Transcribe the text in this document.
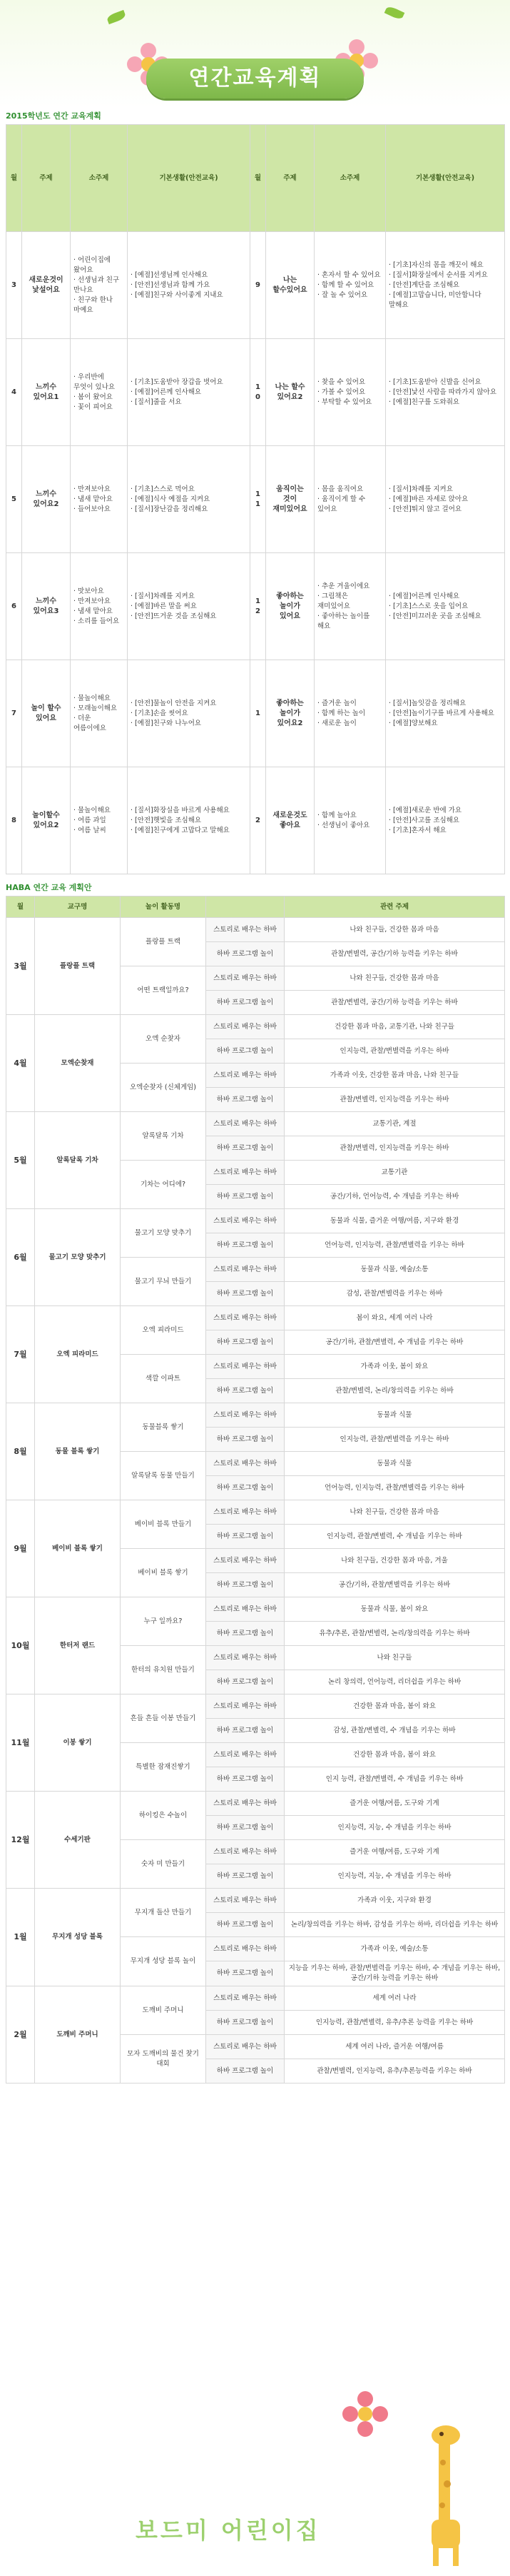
연간교육계획
2015학년도 연간 교육계획
월	주제	소주제	기본생활(안전교육)	월	주제	소주제	기본생활(안전교육)
3	새로운것이 낯설어요	· 어린이집에 왔어요
· 선생님과 친구 만나요
· 친구와 한나 마예요	· [예절]선생님께 인사해요
· [안전]선생님과 함께 가요
· [예절]친구와 사이좋게 지내요	9	나는 할수있어요	· 혼자서 할 수 있어요
· 함께 할 수 있어요
· 잘 놀 수 있어요	· [기초]자신의 몸을 깨끗이 해요
· [질서]화장실에서 순서를 지켜요
· [안전]계단을 조심해요
· [예절]고맙습니다, 미안합니다 말해요
4	느끼수 있어요1	· 우리반에 무엇이 있나요
· 봄이 왔어요
· 꽃이 피어요	· [기초]도움받아 장갑을 벗어요
· [예절]어른께 인사해요
· [질서]줄을 서요	10	나는 할수 있어요2	· 찾을 수 있어요
· 가볼 수 있어요
· 부탁할 수 있어요	· [기초]도움받아 신발을 신어요
· [안전]낯선 사람을 따라가지 않아요
· [예절]친구를 도와줘요
5	느끼수 있어요2	· 만져보아요
· 냄새 맡아요
· 들어보아요	· [기초]스스로 먹어요
· [예절]식사 예절을 지켜요
· [질서]장난감을 정리해요	11	움직이는 것이 재미있어요	· 몸을 움직여요
· 움직이게 할 수 있어요	· [질서]차례를 지켜요
· [예절]바른 자세로 앉아요
· [안전]뛰지 않고 걸어요
6	느끼수 있어요3	· 맛보아요
· 만져보아요
· 냄새 맡아요
· 소리를 들어요	· [질서]차례를 지켜요
· [예절]바른 말을 써요
· [안전]뜨거운 것을 조심해요	12	좋아하는 놀이가 있어요	· 추운 겨울이에요
· 그림책은 재미있어요
· 좋아하는 놀이를 해요	· [예절]어른께 인사해요
· [기초]스스로 옷을 입어요
· [안전]미끄러운 곳을 조심해요
7	놀이 할수 있어요	· 물놀이해요
· 모래놀이해요
· 더운 여름이에요	· [안전]물놀이 안전을 지켜요
· [기초]손을 씻어요
· [예절]친구와 나누어요	1	좋아하는 놀이가 있어요2	· 즐거운 놀이
· 함께 하는 놀이
· 새로운 놀이	· [질서]놀잇감을 정리해요
· [안전]놀이기구를 바르게 사용해요
· [예절]양보해요
8	놀이할수 있어요2	· 물놀이해요
· 여름 과일
· 여름 날씨	· [질서]화장실을 바르게 사용해요
· [안전]햇빛을 조심해요
· [예절]친구에게 고맙다고 말해요	2	새로운것도 좋아요	· 함께 놀아요
· 선생님이 좋아요	· [예절]새로운 반에 가요
· [안전]사고를 조심해요
· [기초]혼자서 해요
HABA 연간 교육 계획안
월	교구명	놀이 활동명		관련 주제
3월	플랑플 트랙	플랑플 트랙	스토리로 배우는 하바	나와 친구들, 건강한 몸과 마음
			하바 프로그램 놀이	관찰/변별력, 공간/기하 능력을 키우는 하바
		어떤 트랙일까요?	스토리로 배우는 하바	나와 친구들, 건강한 몸과 마음
			하바 프로그램 놀이	관찰/변별력, 공간/기하 능력을 키우는 하바
4월	모엑순찾재	오엑 순찾자	스토리로 배우는 하바	건강한 몸과 마음, 교통기관, 나와 친구들
			하바 프로그램 놀이	인지능력, 관찰/변별력을 키우는 하바
		오엑순찾자 (신체게임)	스토리로 배우는 하바	가족과 이웃, 건강한 몸과 마음, 나와 친구들
			하바 프로그램 놀이	관찰/변별력, 인지능력을 키우는 하바
5월	알록달록 기차	알록달록 기차	스토리로 배우는 하바	교통기관, 계절
			하바 프로그램 놀이	관찰/변별력, 인지능력을 키우는 하바
		기차는 어디에?	스토리로 배우는 하바	교통기관
			하바 프로그램 놀이	공간/기하, 언어능력, 수 개념을 키우는 하바
6월	물고기 모양 맞추기	물고기 모양 맞추기	스토리로 배우는 하바	동물과 식물, 즐거운 여행/여름, 지구와 환경
			하바 프로그램 놀이	언어능력, 인지능력, 관찰/변별력을 키우는 하바
		물고기 무늬 만들기	스토리로 배우는 하바	동물과 식물, 예술/소통
			하바 프로그램 놀이	감성, 관찰/변별력을 키우는 하바
7월	오엑 피라미드	오엑 피라미드	스토리로 배우는 하바	봄이 와요, 세계 여러 나라
			하바 프로그램 놀이	공간/기하, 관찰/변별력, 수 개념을 키우는 하바
		색깔 이파트	스토리로 배우는 하바	가족과 이웃, 봄이 와요
			하바 프로그램 놀이	관찰/변별력, 논리/창의력을 키우는 하바
8월	동물 블록 쌓기	동물블록 쌓기	스토리로 배우는 하바	동물과 식물
			하바 프로그램 놀이	인지능력, 관찰/변별력을 키우는 하바
		알록달록 동물 만들기	스토리로 배우는 하바	동물과 식물
			하바 프로그램 놀이	언어능력, 인지능력, 관찰/변별력을 키우는 하바
9월	베이비 블록 쌓기	베이비 블록 만들기	스토리로 배우는 하바	나와 친구들, 건강한 몸과 마음
			하바 프로그램 놀이	인지능력, 관찰/변별력, 수 개념을 키우는 하바
		베이비 블록 쌓기	스토리로 배우는 하바	나와 친구들, 건강한 몸과 마음, 겨울
			하바 프로그램 놀이	공간/기하, 관찰/변별력을 키우는 하바
10월	한터저 랜드	누구 일까요?	스토리로 배우는 하바	동물과 식물, 봄이 와요
			하바 프로그램 놀이	유추/추론, 관찰/변별력, 논리/창의력을 키우는 하바
		한터의 유치원 만들기	스토리로 배우는 하바	나와 친구들
			하바 프로그램 놀이	논리 창의력, 언어능력, 리더쉽을 키우는 하바
11월	이봉 쌓기	흔들 흔들 이봉 만들기	스토리로 배우는 하바	건강한 몸과 마음, 봄이 와요
			하바 프로그램 놀이	감성, 관찰/변별력, 수 개념을 키우는 하바
		특별한 잠재진쌓기	스토리로 배우는 하바	건강한 몸과 마음, 봄이 와요
			하바 프로그램 놀이	인지 능력, 관찰/변별력, 수 개념을 키우는 하바
12월	수세기판	하이킹은 수놀이	스토리로 배우는 하바	즐거운 여행/여름, 도구와 기계
			하바 프로그램 놀이	인지능력, 지능, 수 개념을 키우는 하바
		숫자 미 만들기	스토리로 배우는 하바	즐거운 여행/여름, 도구와 기계
			하바 프로그램 놀이	인지능력, 지능, 수 개념을 키우는 하바
1월	무지개 성당 블록	무지개 돌산 만들기	스토리로 배우는 하바	가족과 이웃, 지구와 환경
			하바 프로그램 놀이	논리/창의력을 키우는 하바, 감성을 키우는 하바, 리더쉽을 키우는 하바
		무지개 성당 블록 놀이	스토리로 배우는 하바	가족과 이웃, 예술/소통
			하바 프로그램 놀이	지능을 키우는 하바, 관찰/변별력을 키우는 하바, 수 개념을 키우는 하바, 공간/기하 능력을 키우는 하바
2월	도깨비 주머니	도깨비 주머니	스토리로 배우는 하바	세계 여러 나라
			하바 프로그램 놀이	인지능력, 관찰/변별력, 유추/추론 능력을 키우는 하바
		모자 도깨비의 물건 찾기 대회	스토리로 배우는 하바	세계 여러 나라, 즐거운 여행/여름
			하바 프로그램 놀이	관찰/변별력, 인지능력, 유추/추론능력을 키우는 하바
보드미 어린이집
